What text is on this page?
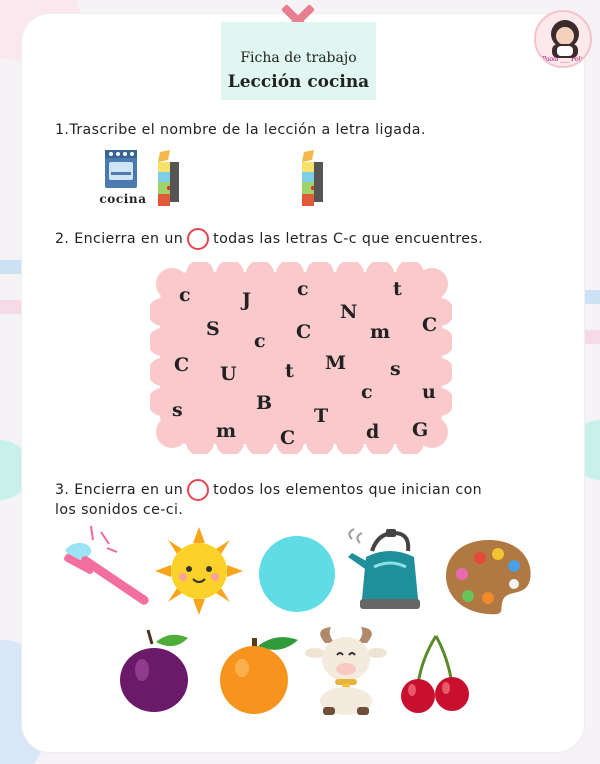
Paola ___ Poly
Ficha de trabajo
Lección cocina
1.Trascribe el nombre de la lección a letra ligada.
cocina

2. Encierra en un todas las letras C-c que encuentres.
c	J c	t
N
S
c C	m C
C U	t M s
c	u
s	B
T
m	d G
C
3. Encierra en un todos los elementos que inician con
los sonidos ce-ci.
